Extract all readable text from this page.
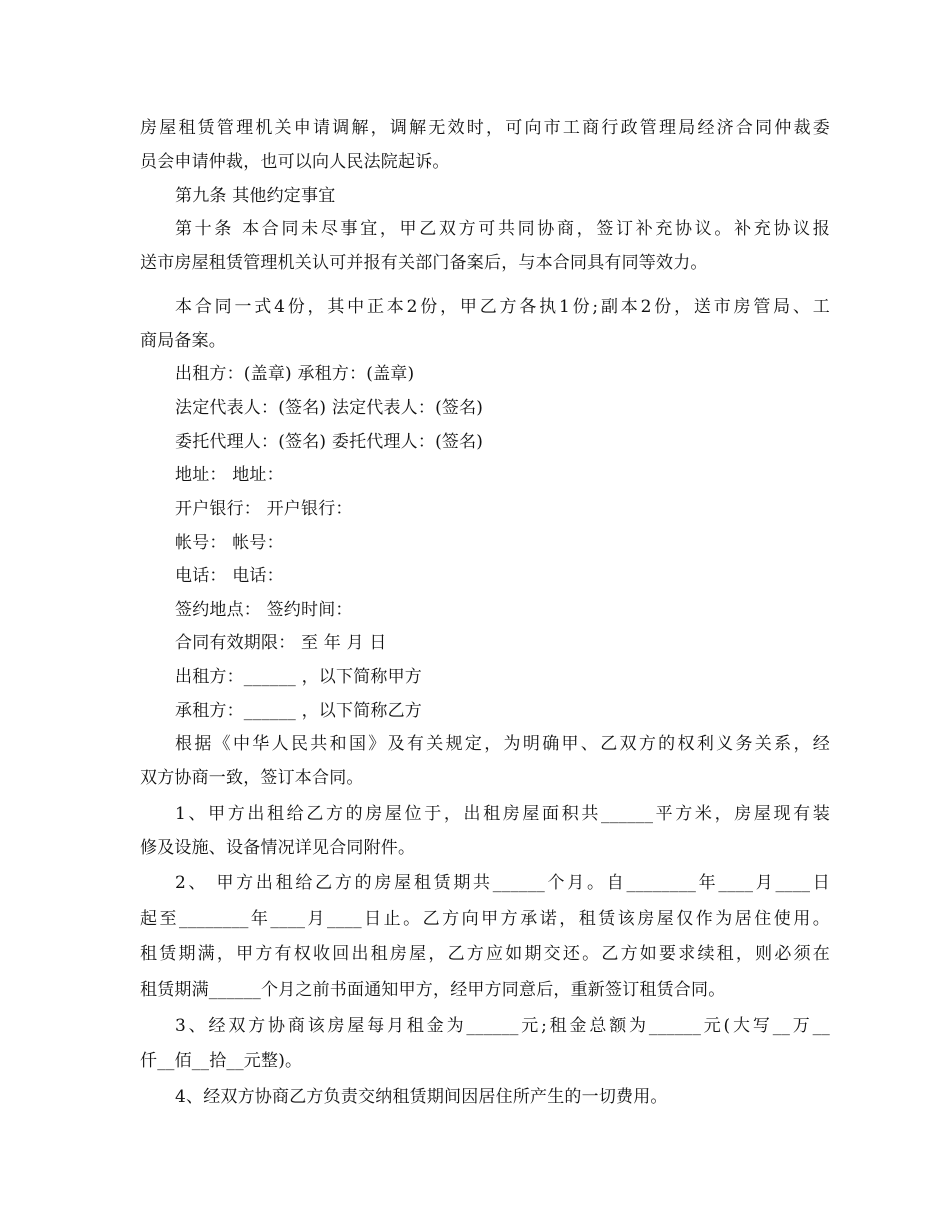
房屋租赁管理机关申请调解，调解无效时，可向市工商行政管理局经济合同仲裁委
员会申请仲裁，也可以向人民法院起诉。
第九条 其他约定事宜
第十条 本合同未尽事宜，甲乙双方可共同协商，签订补充协议。补充协议报
送市房屋租赁管理机关认可并报有关部门备案后，与本合同具有同等效力。
本合同一式4份，其中正本2份，甲乙方各执1份;副本2份，送市房管局、工
商局备案。
出租方：(盖章) 承租方：(盖章)
法定代表人：(签名) 法定代表人：(签名)
委托代理人：(签名) 委托代理人：(签名)
地址： 地址：
开户银行： 开户银行：
帐号： 帐号：
电话： 电话：
签约地点： 签约时间：
合同有效期限： 至 年 月 日
出租方：______ ，以下简称甲方
承租方：______ ，以下简称乙方
根据《中华人民共和国》及有关规定，为明确甲、乙双方的权利义务关系，经
双方协商一致，签订本合同。
1、甲方出租给乙方的房屋位于，出租房屋面积共______平方米，房屋现有装
修及设施、设备情况详见合同附件。
2、 甲方出租给乙方的房屋租赁期共______个月。自________年____月____日
起至________年____月____日止。乙方向甲方承诺，租赁该房屋仅作为居住使用。
租赁期满，甲方有权收回出租房屋，乙方应如期交还。乙方如要求续租，则必须在
租赁期满______个月之前书面通知甲方，经甲方同意后，重新签订租赁合同。
3、经双方协商该房屋每月租金为______元;租金总额为______元(大写__万__
仟__佰__拾__元整)。
4、经双方协商乙方负责交纳租赁期间因居住所产生的一切费用。
